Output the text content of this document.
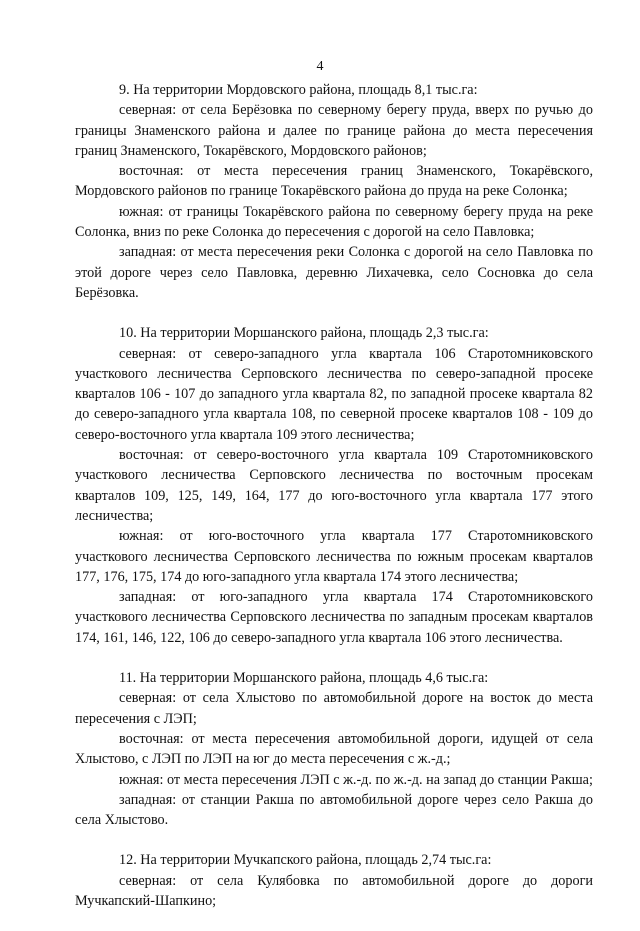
4

9. На территории Мордовского района, площадь 8,1 тыс.га:

северная: от села Берёзовка по северному берегу пруда, вверх по ручью до границы Знаменского района и далее по границе района до места пересечения границ Знаменского, Токарёвского, Мордовского районов;

восточная: от места пересечения границ Знаменского, Токарёвского, Мордовского районов по границе Токарёвского района до пруда на реке Солонка;

южная: от границы Токарёвского района по северному берегу пруда на реке Солонка, вниз по реке Солонка до пересечения с дорогой на село Павловка;

западная: от места пересечения реки Солонка с дорогой на село Павловка по этой дороге через село Павловка, деревню Лихачевка, село Сосновка до села Берёзовка.

10. На территории Моршанского района, площадь 2,3 тыс.га:

северная: от северо-западного угла квартала 106 Старотомниковского участкового лесничества Серповского лесничества по северо-западной просеке кварталов 106 - 107 до западного угла квартала 82, по западной просеке квартала 82 до северо-западного угла квартала 108, по северной просеке кварталов 108 - 109 до северо-восточного угла квартала 109 этого лесничества;

восточная: от северо-восточного угла квартала 109 Старотомниковского участкового лесничества Серповского лесничества по восточным просекам кварталов 109, 125, 149, 164, 177 до юго-восточного угла квартала 177 этого лесничества;

южная: от юго-восточного угла квартала 177 Старотомниковского участкового лесничества Серповского лесничества по южным просекам кварталов 177, 176, 175, 174 до юго-западного угла квартала 174 этого лесничества;

западная: от юго-западного угла квартала 174 Старотомниковского участкового лесничества Серповского лесничества по западным просекам кварталов 174, 161, 146, 122, 106 до северо-западного угла квартала 106 этого лесничества.

11. На территории Моршанского района, площадь 4,6 тыс.га:

северная: от села Хлыстово по автомобильной дороге на восток до места пересечения с ЛЭП;

восточная: от места пересечения автомобильной дороги, идущей от села Хлыстово, с ЛЭП по ЛЭП на юг до места пересечения с ж.-д.;

южная: от места пересечения ЛЭП с ж.-д. по ж.-д. на запад до станции Ракша;

западная: от станции Ракша по автомобильной дороге через село Ракша до села Хлыстово.

12. На территории Мучкапского района, площадь 2,74 тыс.га:

северная: от села Кулябовка по автомобильной дороге до дороги Мучкапский-Шапкино;
